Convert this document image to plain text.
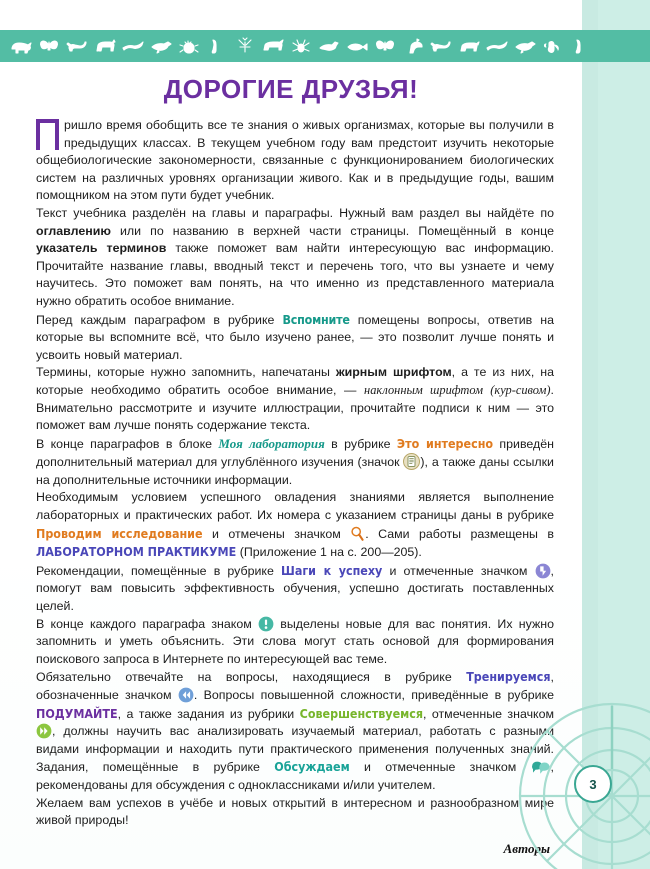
ДОРОГИЕ ДРУЗЬЯ!

ришло время обобщить все те знания о живых организмах, которые вы получили в предыдущих классах. В текущем учебном году вам предстоит изучить некоторые общебиологические закономерности, связанные с функционированием биологических систем на различных уровнях организации живого. Как и в предыдущие годы, вашим помощником на этом пути будет учебник.

Текст учебника разделён на главы и параграфы. Нужный вам раздел вы найдёте по оглавлению или по названию в верхней части страницы. Помещённый в конце указатель терминов также поможет вам найти интересующую вас информацию. Прочитайте название главы, вводный текст и перечень того, что вы узнаете и чему научитесь. Это поможет вам понять, на что именно из представленного материала нужно обратить особое внимание.

Перед каждым параграфом в рубрике Вспомните помещены вопросы, ответив на которые вы вспомните всё, что было изучено ранее, — это позволит лучше понять и усвоить новый материал.

Термины, которые нужно запомнить, напечатаны жирным шрифтом, а те из них, на которые необходимо обратить особое внимание, — наклонным шрифтом (кур-сивом). Внимательно рассмотрите и изучите иллюстрации, прочитайте подписи к ним — это поможет вам лучше понять содержание текста.

В конце параграфов в блоке Моя лаборатория в рубрике Это интересно приведён дополнительный материал для углублённого изучения (значок
), а также даны ссылки на дополнительные источники информации.

Необходимым условием успешного овладения знаниями является выполнение лабораторных и практических работ. Их номера с указанием страницы даны в рубрике Проводим исследование и отмечены значком
. Сами работы размещены в ЛАБОРАТОРНОМ ПРАКТИКУМЕ (Приложение 1 на с. 200—205).

Рекомендации, помещённые в рубрике Шаги к успеху и отмеченные значком
, помогут вам повысить эффективность обучения, успешно достигать поставленных целей.

В конце каждого параграфа знаком
выделены новые для вас понятия. Их нужно запомнить и уметь объяснить. Эти слова могут стать основой для формирования поискового запроса в Интернете по интересующей вас теме.

Обязательно отвечайте на вопросы, находящиеся в рубрике Тренируемся, обозначенные значком
. Вопросы повышенной сложности, приведённые в рубрике ПОДУМАЙТЕ, а также задания из рубрики Совершенствуемся, отмеченные значком
, должны научить вас анализировать изучаемый материал, работать с разными видами информации и находить пути практического применения полученных знаний. Задания, помещённые в рубрике Обсуждаем и отмеченные значком
, рекомендованы для обсуждения с одноклассниками и/или учителем.

Желаем вам успехов в учёбе и новых открытий в интересном и разнообразном мире живой природы!

Авторы
3
